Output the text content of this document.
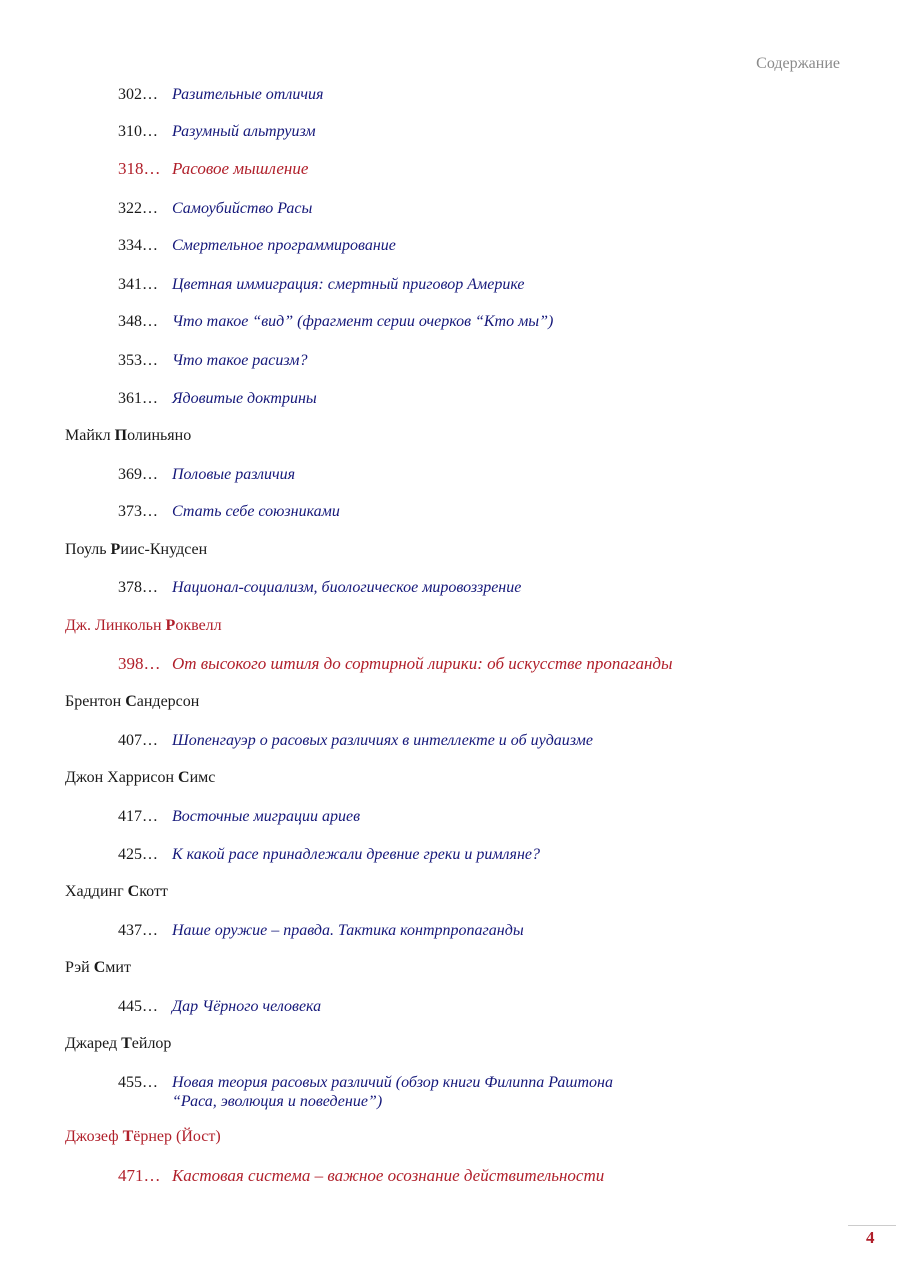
Содержание
302… Разительные отличия
310… Разумный альтруизм
318… Расовое мышление
322… Самоубийство Расы
334… Смертельное программирование
341… Цветная иммиграция: смертный приговор Америке
348… Что такое “вид” (фрагмент серии очерков “Кто мы”)
353… Что такое расизм?
361… Ядовитые доктрины
Майкл Полиньяно
369… Половые различия
373… Стать себе союзниками
Поуль Риис-Кнудсен
378… Национал-социализм, биологическое мировоззрение
Дж. Линкольн Роквелл
398… От высокого штиля до сортирной лирики: об искусстве пропаганды
Брентон Сандерсон
407… Шопенгауэр о расовых различиях в интеллекте и об иудаизме
Джон Харрисон Симс
417… Восточные миграции ариев
425… К какой расе принадлежали древние греки и римляне?
Хаддинг Скотт
437… Наше оружие – правда. Тактика контрпропаганды
Рэй Смит
445… Дар Чёрного человека
Джаред Тейлор
455… Новая теория расовых различий (обзор книги Филиппа Раштона
“Раса, эволюция и поведение”)
Джозеф Тёрнер (Йост)
471… Кастовая система – важное осознание действительности
4
